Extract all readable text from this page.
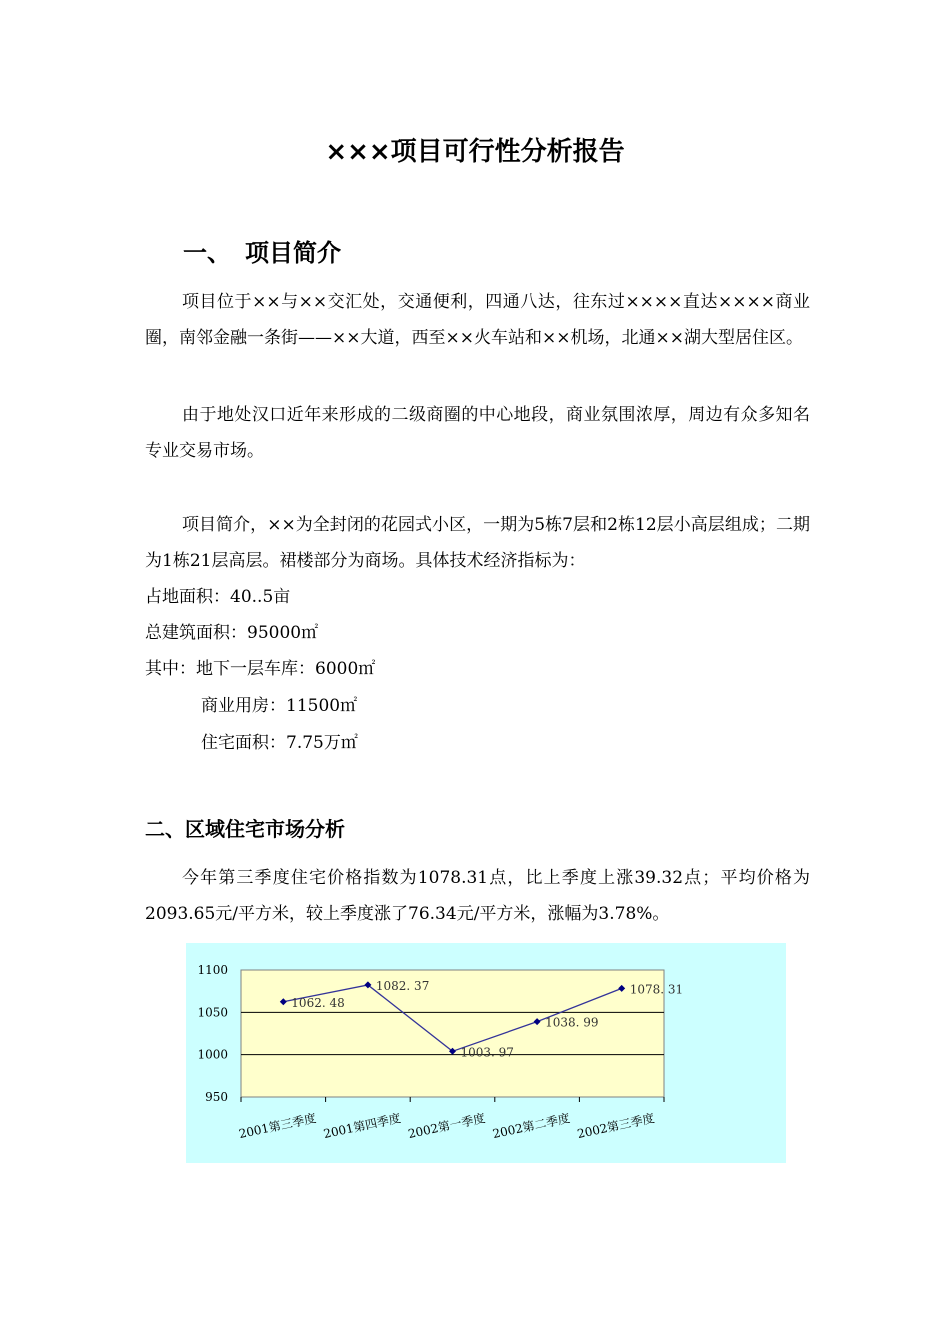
×××项目可行性分析报告
一、 项目简介
项目位于××与××交汇处，交通便利，四通八达，往东过××××直达××××商业圈，南邻金融一条街——××大道，西至××火车站和××机场，北通××湖大型居住区。
由于地处汉口近年来形成的二级商圈的中心地段，商业氛围浓厚，周边有众多知名专业交易市场。
项目简介，××为全封闭的花园式小区，一期为5栋7层和2栋12层小高层组成；二期为1栋21层高层。裙楼部分为商场。具体技术经济指标为：
占地面积：40..5亩
总建筑面积：95000㎡
其中：地下一层车库：6000㎡
商业用房：11500㎡
住宅面积：7.75万㎡
二、区域住宅市场分析
今年第三季度住宅价格指数为1078.31点，比上季度上涨39.32点；平均价格为2093.65元/平方米，较上季度涨了76.34元/平方米，涨幅为3.78%。
950
1000
1050
1100
1062. 48
1082. 37
1003. 97
1038. 99
1078. 31
2001第三季度 2001第四季度 2002第一季度 2002第二季度 2002第三季度
